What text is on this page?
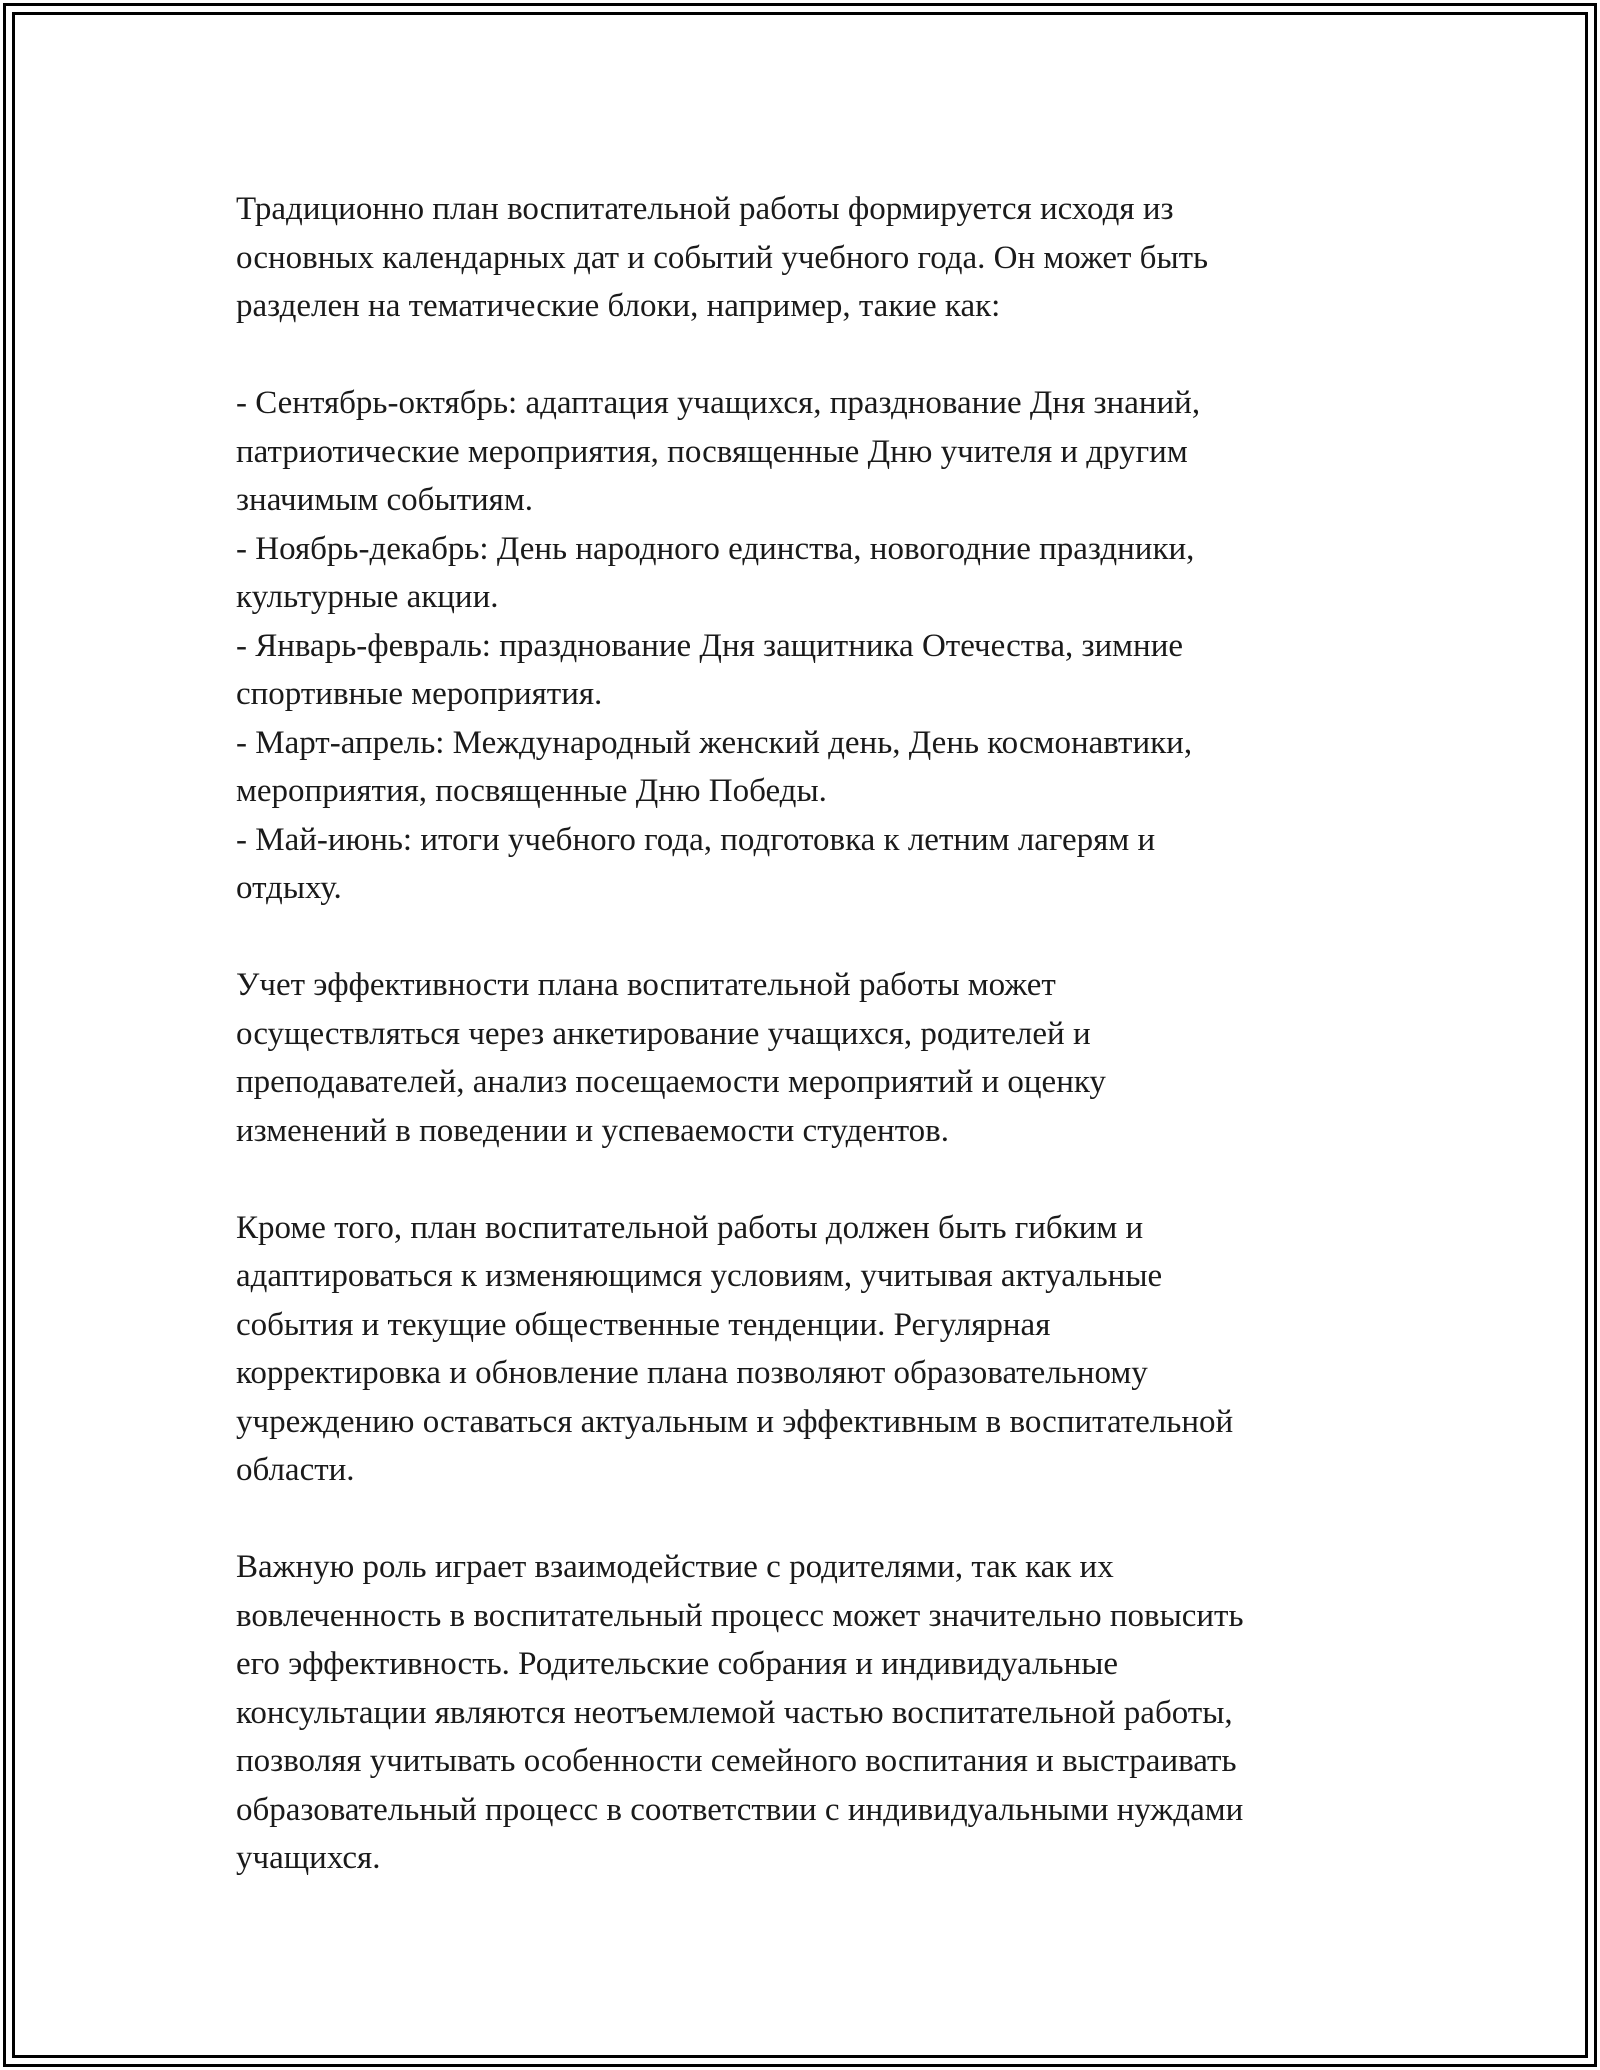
Традиционно план воспитательной работы формируется исходя из
основных календарных дат и событий учебного года. Он может быть
разделен на тематические блоки, например, такие как:

- Сентябрь-октябрь: адаптация учащихся, празднование Дня знаний,
патриотические мероприятия, посвященные Дню учителя и другим
значимым событиям.
- Ноябрь-декабрь: День народного единства, новогодние праздники,
культурные акции.
- Январь-февраль: празднование Дня защитника Отечества, зимние
спортивные мероприятия.
- Март-апрель: Международный женский день, День космонавтики,
мероприятия, посвященные Дню Победы.
- Май-июнь: итоги учебного года, подготовка к летним лагерям и
отдыху.

Учет эффективности плана воспитательной работы может
осуществляться через анкетирование учащихся, родителей и
преподавателей, анализ посещаемости мероприятий и оценку
изменений в поведении и успеваемости студентов.

Кроме того, план воспитательной работы должен быть гибким и
адаптироваться к изменяющимся условиям, учитывая актуальные
события и текущие общественные тенденции. Регулярная
корректировка и обновление плана позволяют образовательному
учреждению оставаться актуальным и эффективным в воспитательной
области.

Важную роль играет взаимодействие с родителями, так как их
вовлеченность в воспитательный процесс может значительно повысить
его эффективность. Родительские собрания и индивидуальные
консультации являются неотъемлемой частью воспитательной работы,
позволяя учитывать особенности семейного воспитания и выстраивать
образовательный процесс в соответствии с индивидуальными нуждами
учащихся.
